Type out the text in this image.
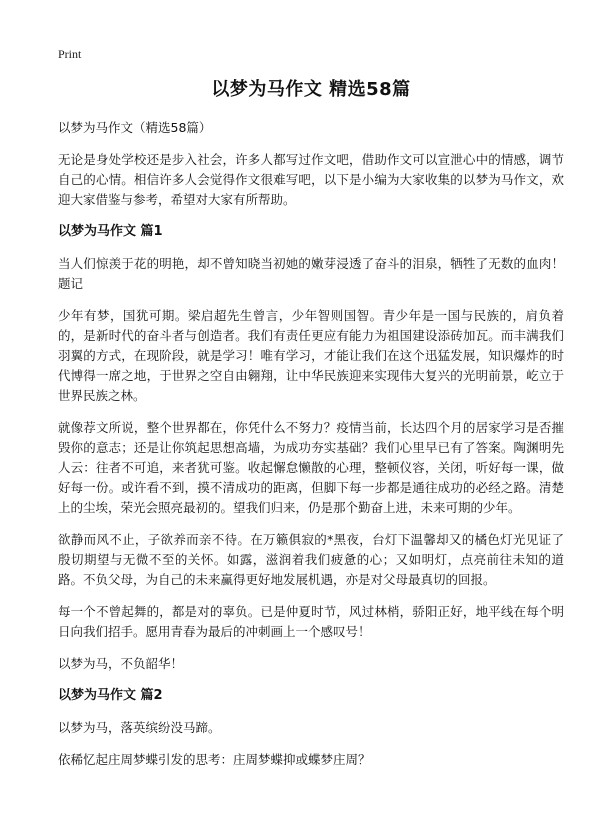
Print
以梦为马作文 精选58篇

以梦为马作文（精选58篇）

无论是身处学校还是步入社会，许多人都写过作文吧，借助作文可以宣泄心中的情感，调节自己的心情。相信许多人会觉得作文很难写吧，以下是小编为大家收集的以梦为马作文，欢迎大家借鉴与参考，希望对大家有所帮助。

以梦为马作文 篇1

当人们惊羡于花的明艳，却不曾知晓当初她的嫩芽浸透了奋斗的泪泉，牺牲了无数的血肉！题记

少年有梦，国犹可期。梁启超先生曾言，少年智则国智。青少年是一国与民族的，肩负着的，是新时代的奋斗者与创造者。我们有责任更应有能力为祖国建设添砖加瓦。而丰满我们羽翼的方式，在现阶段，就是学习！唯有学习，才能让我们在这个迅猛发展，知识爆炸的时代博得一席之地，于世界之空自由翱翔，让中华民族迎来实现伟大复兴的光明前景，屹立于世界民族之林。

就像荐文所说，整个世界都在，你凭什么不努力？疫情当前，长达四个月的居家学习是否摧毁你的意志；还是让你筑起思想高墙，为成功夯实基础？我们心里早已有了答案。陶渊明先人云：往者不可追，来者犹可鉴。收起懈怠懒散的心理，整顿仪容，关闭，听好每一课，做好每一份。或许看不到，摸不清成功的距离，但脚下每一步都是通往成功的必经之路。清楚上的尘埃，荣光会照亮最初的。望我们归来，仍是那个勤奋上进，未来可期的少年。

欲静而风不止，子欲养而亲不待。在万籁俱寂的*黑夜，台灯下温馨却又的橘色灯光见证了殷切期望与无微不至的关怀。如露，滋润着我们疲惫的心；又如明灯，点亮前往未知的道路。不负父母，为自己的未来赢得更好地发展机遇，亦是对父母最真切的回报。

每一个不曾起舞的，都是对的辜负。已是仲夏时节，风过林梢，骄阳正好，地平线在每个明日向我们招手。愿用青春为最后的冲刺画上一个感叹号！

以梦为马，不负韶华！

以梦为马作文 篇2

以梦为马，落英缤纷没马蹄。

依稀忆起庄周梦蝶引发的思考：庄周梦蝶抑或蝶梦庄周？
